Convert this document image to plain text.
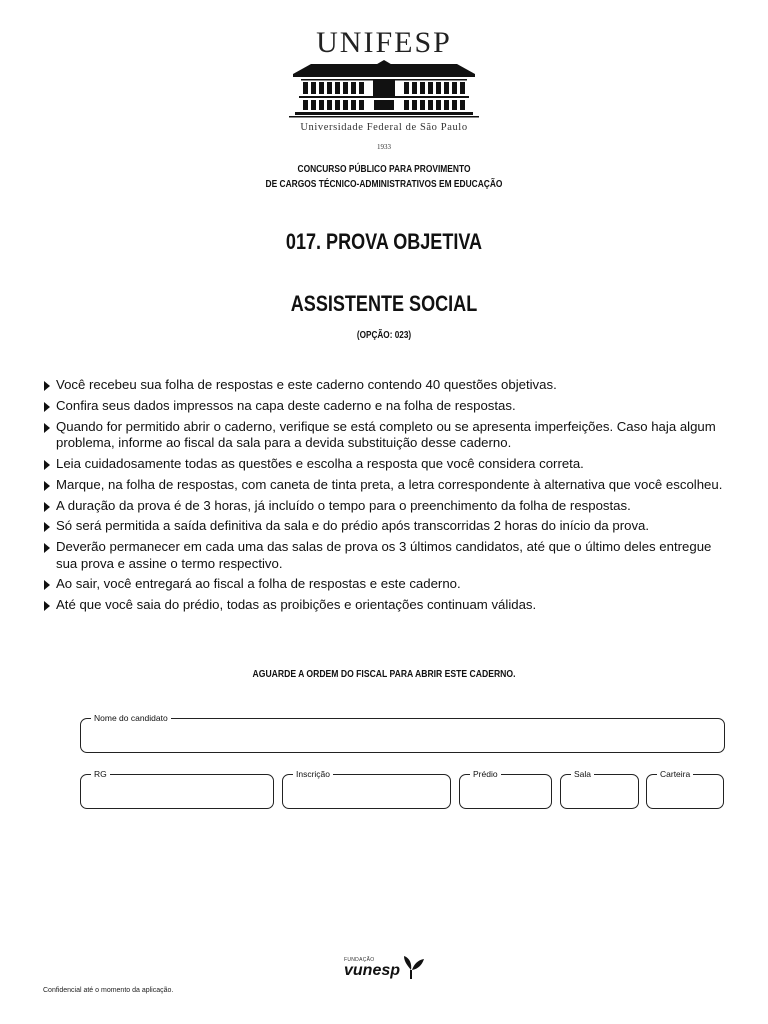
UNIFESP
Universidade Federal de São Paulo
1933
CONCURSO PÚBLICO PARA PROVIMENTO
DE CARGOS TÉCNICO-ADMINISTRATIVOS EM EDUCAÇÃO
017. PROVA OBJETIVA
ASSISTENTE SOCIAL
(OPÇÃO: 023)
Você recebeu sua folha de respostas e este caderno contendo 40 questões objetivas.
Confira seus dados impressos na capa deste caderno e na folha de respostas.
Quando for permitido abrir o caderno, verifique se está completo ou se apresenta imperfeições. Caso haja algum problema, informe ao fiscal da sala para a devida substituição desse caderno.
Leia cuidadosamente todas as questões e escolha a resposta que você considera correta.
Marque, na folha de respostas, com caneta de tinta preta, a letra correspondente à alternativa que você escolheu.
A duração da prova é de 3 horas, já incluído o tempo para o preenchimento da folha de respostas.
Só será permitida a saída definitiva da sala e do prédio após transcorridas 2 horas do início da prova.
Deverão permanecer em cada uma das salas de prova os 3 últimos candidatos, até que o último deles entregue sua prova e assine o termo respectivo.
Ao sair, você entregará ao fiscal a folha de respostas e este caderno.
Até que você saia do prédio, todas as proibições e orientações continuam válidas.
AGUARDE A ORDEM DO FISCAL PARA ABRIR ESTE CADERNO.
Nome do candidato
RG	Inscrição	Prédio	Sala	Carteira
FUNDAÇÃO
vunesp
Confidencial até o momento da aplicação.
